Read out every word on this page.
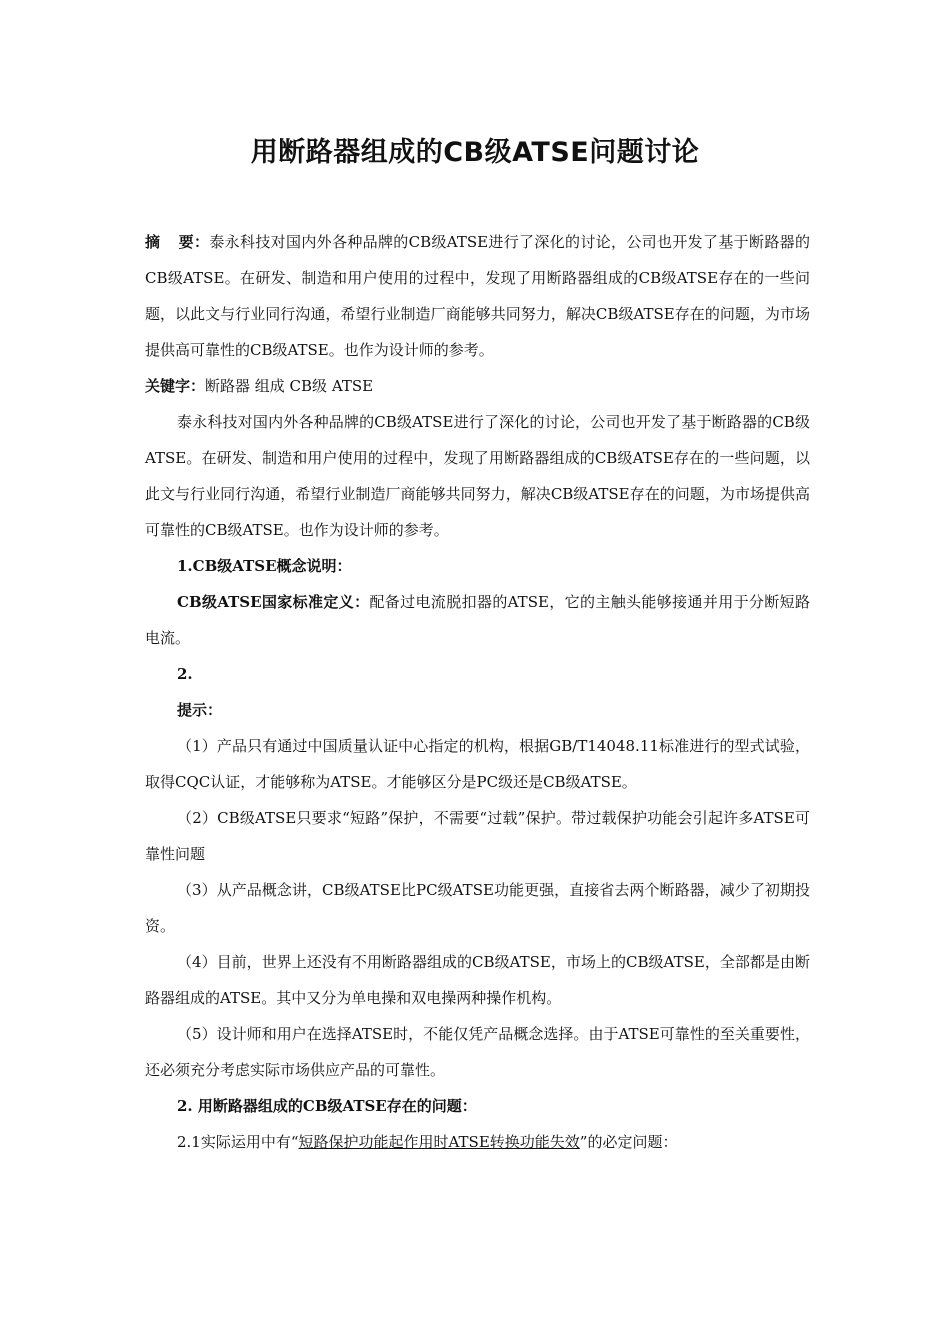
用断路器组成的CB级ATSE问题讨论

摘 要：泰永科技对国内外各种品牌的CB级ATSE进行了深化的讨论，公司也开发了基于断路器的CB级ATSE。在研发、制造和用户使用的过程中，发现了用断路器组成的CB级ATSE存在的一些问题，以此文与行业同行沟通，希望行业制造厂商能够共同努力，解决CB级ATSE存在的问题，为市场提供高可靠性的CB级ATSE。也作为设计师的参考。

关键字：断路器 组成 CB级 ATSE

泰永科技对国内外各种品牌的CB级ATSE进行了深化的讨论，公司也开发了基于断路器的CB级ATSE。在研发、制造和用户使用的过程中，发现了用断路器组成的CB级ATSE存在的一些问题，以此文与行业同行沟通，希望行业制造厂商能够共同努力，解决CB级ATSE存在的问题，为市场提供高可靠性的CB级ATSE。也作为设计师的参考。

1.CB级ATSE概念说明：

CB级ATSE国家标准定义：配备过电流脱扣器的ATSE，它的主触头能够接通并用于分断短路电流。

2.

提示：

（1）产品只有通过中国质量认证中心指定的机构，根据GB/T14048.11标准进行的型式试验，取得CQC认证，才能够称为ATSE。才能够区分是PC级还是CB级ATSE。

（2）CB级ATSE只要求“短路”保护，不需要“过载”保护。带过载保护功能会引起许多ATSE可靠性问题

（3）从产品概念讲，CB级ATSE比PC级ATSE功能更强，直接省去两个断路器，减少了初期投资。

（4）目前，世界上还没有不用断路器组成的CB级ATSE，市场上的CB级ATSE，全部都是由断路器组成的ATSE。其中又分为单电操和双电操两种操作机构。

（5）设计师和用户在选择ATSE时，不能仅凭产品概念选择。由于ATSE可靠性的至关重要性，还必须充分考虑实际市场供应产品的可靠性。

2. 用断路器组成的CB级ATSE存在的问题：

2.1实际运用中有“短路保护功能起作用时ATSE转换功能失效”的必定问题：
